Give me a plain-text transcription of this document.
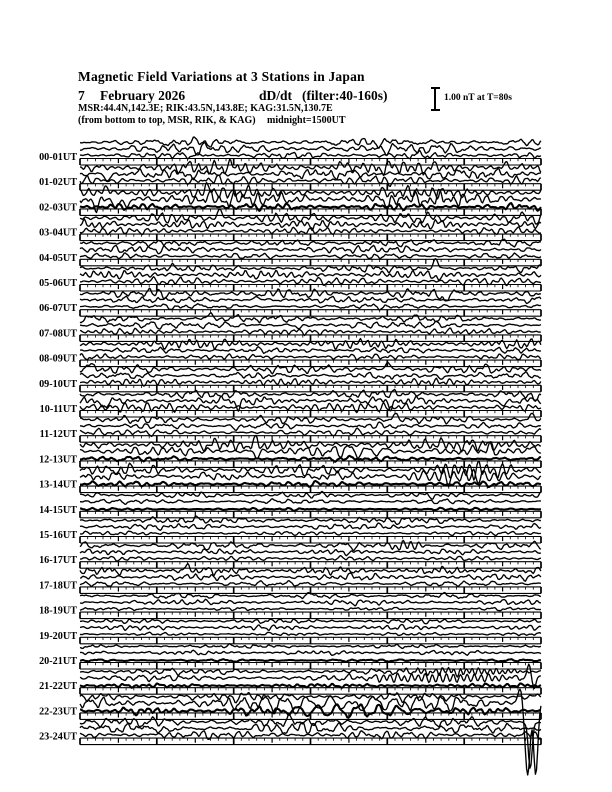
Magnetic Field Variations at 3 Stations in Japan
7 February 2026	dD/dt (filter:40-160s)
MSR:44.4N,142.3E; RIK:43.5N,143.8E; KAG:31.5N,130.7E
(from bottom to top, MSR, RIK, & KAG) midnight=1500UT
1.00 nT at T=80s
00-01UT
01-02UT
02-03UT
03-04UT
04-05UT
05-06UT
06-07UT
07-08UT
08-09UT
09-10UT
10-11UT
11-12UT
12-13UT
13-14UT
14-15UT
15-16UT
16-17UT
17-18UT
18-19UT
19-20UT
20-21UT
21-22UT
22-23UT
23-24UT
